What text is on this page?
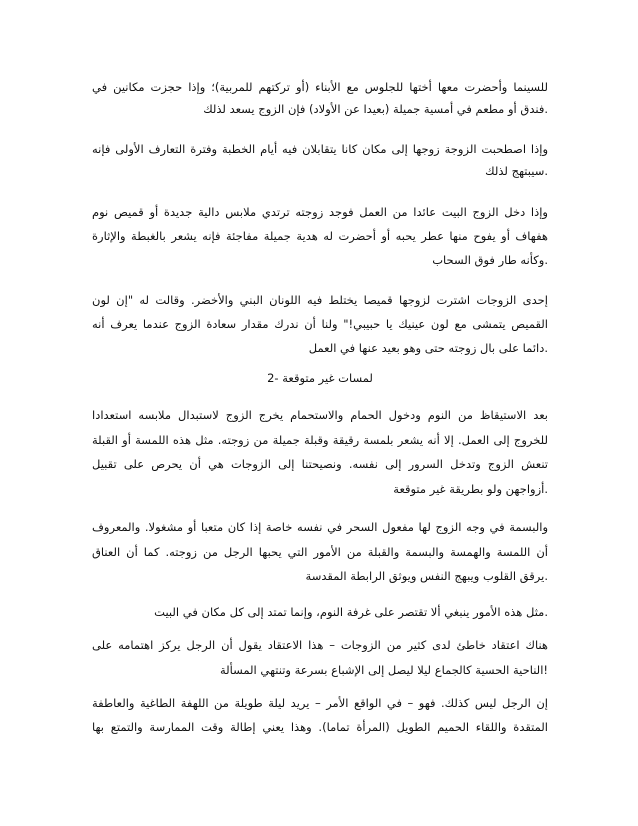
للسينما وأحضرت معها أختها للجلوس مع الأبناء (أو تركتهم للمربية)؛ وإذا حجزت مكانين في
.فندق أو مطعم في أمسية جميلة (بعيدا عن الأولاد) فإن الزوج يسعد لذلك
وإذا اصطحبت الزوجة زوجها إلى مكان كانا يتقابلان فيه أيام الخطبة وفترة التعارف الأولى فإنه
.سيبتهج لذلك
وإذا دخل الزوج البيت عائدا من العمل فوجد زوجته ترتدي ملابس دالية جديدة أو قميص نوم
هفهاف أو يفوح منها عطر يحبه أو أحضرت له هدية جميلة مفاجئة فإنه يشعر بالغبطة والإثارة
.وكأنه طار فوق السحاب
إحدى الزوجات اشترت لزوجها قميصا يختلط فيه اللونان البني والأخضر. وقالت له "إن لون
القميص يتمشى مع لون عينيك يا حبيبي!" ولنا أن ندرك مقدار سعادة الزوج عندما يعرف أنه
.دائما على بال زوجته حتى وهو بعيد عنها في العمل
لمسات غير متوقعة -2
بعد الاستيقاظ من النوم ودخول الحمام والاستحمام يخرج الزوج لاستبدال ملابسه استعدادا
للخروج إلى العمل. إلا أنه يشعر بلمسة رقيقة وقبلة جميلة من زوجته. مثل هذه اللمسة أو القبلة
تنعش الزوج وتدخل السرور إلى نفسه. ونصيحتنا إلى الزوجات هي أن يحرص على تقبيل
.أزواجهن ولو بطريقة غير متوقعة
والبسمة في وجه الزوج لها مفعول السحر في نفسه خاصة إذا كان متعبا أو مشغولا. والمعروف
أن اللمسة والهمسة والبسمة والقبلة من الأمور التي يحبها الرجل من زوجته. كما أن العناق
.يرقق القلوب ويبهج النفس ويوثق الرابطة المقدسة
.مثل هذه الأمور ينبغي ألا تقتصر على غرفة النوم، وإنما تمتد إلى كل مكان في البيت
هناك اعتقاد خاطئ لدى كثير من الزوجات – هذا الاعتقاد يقول أن الرجل يركز اهتمامه على
!الناحية الحسية كالجماع ليلا ليصل إلى الإشباع بسرعة وتنتهي المسألة
إن الرجل ليس كذلك. فهو – في الواقع الأمر – يريد ليلة طويلة من اللهفة الطاغية والعاطفة
المتقدة واللقاء الحميم الطويل (المرأة تماما). وهذا يعني إطالة وقت الممارسة والتمتع بها
